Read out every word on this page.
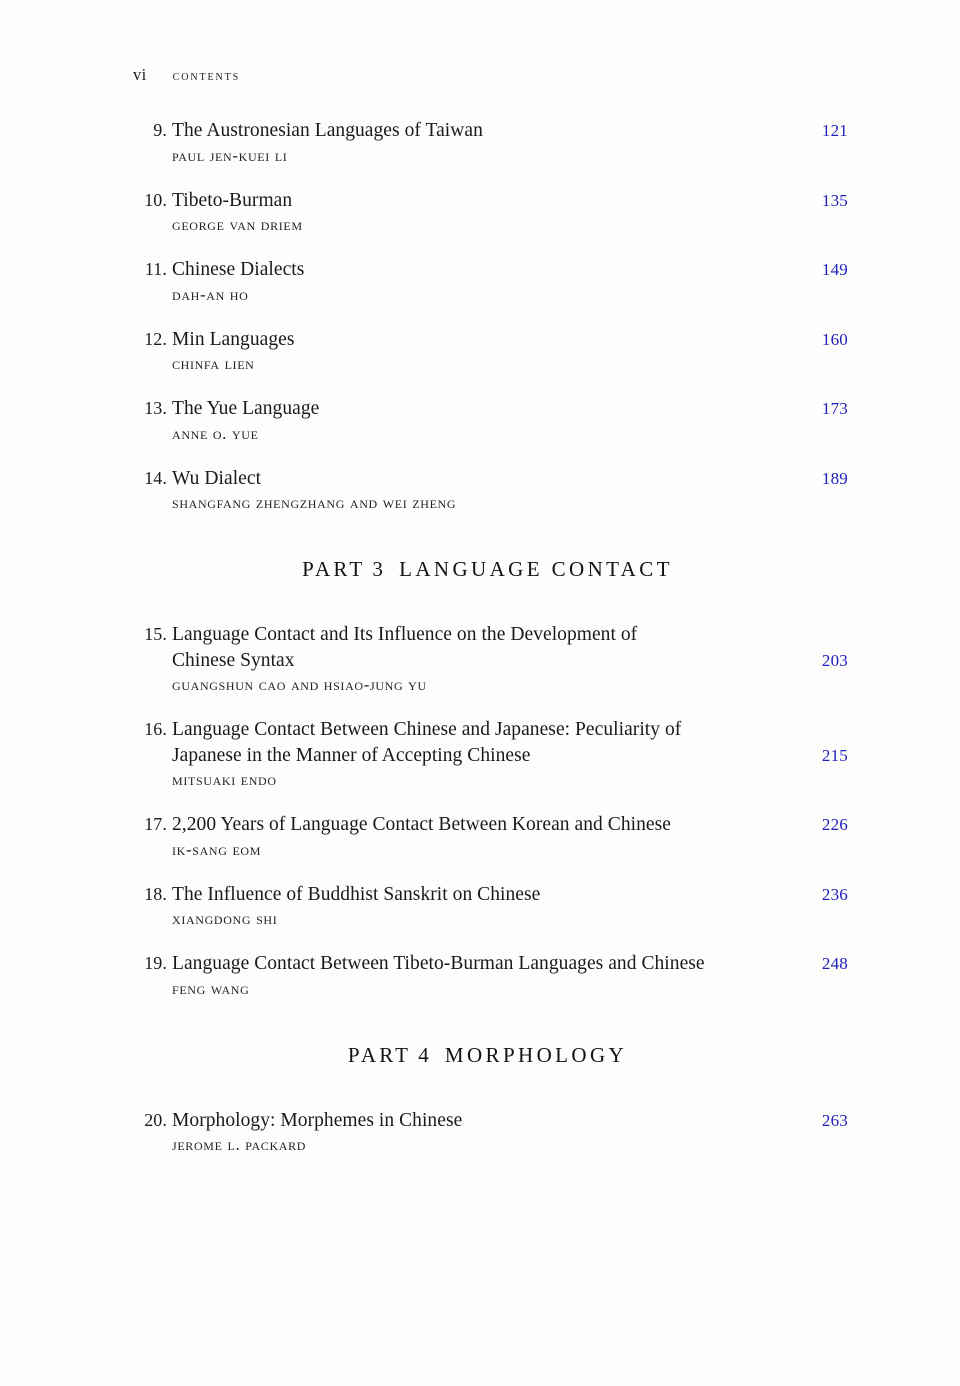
vi contents
9. The Austronesian Languages of Taiwan	121
paul jen-kuei li
10. Tibeto-Burman	135
george van driem
11. Chinese Dialects	149
dah-an ho
12. Min Languages	160
chinfa lien
13. The Yue Language	173
anne o. yue
14. Wu Dialect	189
shangfang zhengzhang and wei zheng
PART 3 LANGUAGE CONTACT
15. Language Contact and Its Influence on the Development of
Chinese Syntax	203
guangshun cao and hsiao-jung yu
16. Language Contact Between Chinese and Japanese: Peculiarity of
Japanese in the Manner of Accepting Chinese	215
mitsuaki endo
17. 2,200 Years of Language Contact Between Korean and Chinese	226
ik-sang eom
18. The Influence of Buddhist Sanskrit on Chinese	236
xiangdong shi
19. Language Contact Between Tibeto-Burman Languages and Chinese	248
feng wang
PART 4 MORPHOLOGY
20. Morphology: Morphemes in Chinese	263
jerome l. packard
